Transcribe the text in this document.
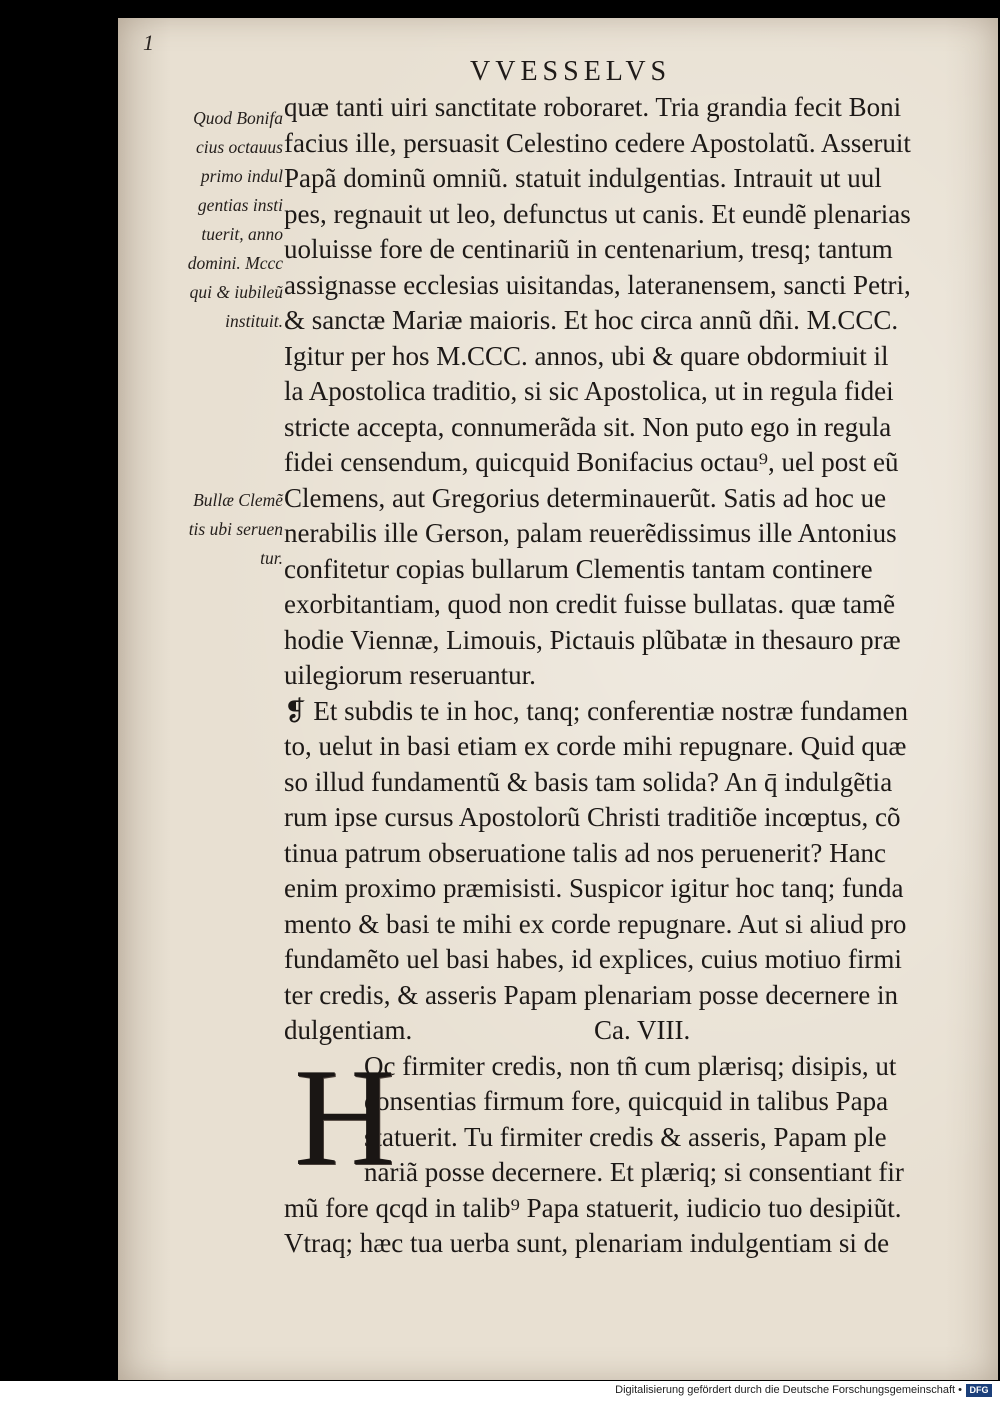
1
VVESSELVS
Quod Bonifa
cius octauus
primo indul
gentias insti
tuerit, anno
domini. Mccc
qui & iubileũ
instituit.
Bullæ Clemẽ
tis ubi seruen
tur.
quæ tanti uiri sanctitate roboraret. Tria grandia fecit Boni
facius ille, persuasit Celestino cedere Apostolatũ. Asseruit
Papã dominũ omniũ. statuit indulgentias. Intrauit ut uul
pes, regnauit ut leo, defunctus ut canis. Et eundẽ plenarias
uoluisse fore de centinariũ in centenarium, tresq; tantum
assignasse ecclesias uisitandas, lateranensem, sancti Petri,
& sanctæ Mariæ maioris. Et hoc circa annũ dñi. M.CCC.
Igitur per hos M.CCC. annos, ubi & quare obdormiuit il
la Apostolica traditio, si sic Apostolica, ut in regula fidei
stricte accepta, connumerãda sit. Non puto ego in regula
fidei censendum, quicquid Bonifacius octau⁹, uel post eũ
Clemens, aut Gregorius determinauerũt. Satis ad hoc ue
nerabilis ille Gerson, palam reuerẽdissimus ille Antonius
confitetur copias bullarum Clementis tantam continere
exorbitantiam, quod non credit fuisse bullatas. quæ tamẽ
hodie Viennæ, Limouis, Pictauis plũbatæ in thesauro præ
uilegiorum reseruantur.
❡ Et subdis te in hoc, tanq; conferentiæ nostræ fundamen
to, uelut in basi etiam ex corde mihi repugnare. Quid quæ
so illud fundamentũ & basis tam solida? An q̄ indulgẽtia
rum ipse cursus Apostolorũ Christi traditiõe incœptus, cõ
tinua patrum obseruatione talis ad nos peruenerit? Hanc
enim proximo præmisisti. Suspicor igitur hoc tanq; funda
mento & basi te mihi ex corde repugnare. Aut si aliud pro
fundamẽto uel basi habes, id explices, cuius motiuo firmi
ter credis, & asseris Papam plenariam posse decernere in
dulgentiam.	Ca. VIII.
H
Oc firmiter credis, non tñ cum plærisq; disipis, ut
consentias firmum fore, quicquid in talibus Papa
statuerit. Tu firmiter credis & asseris, Papam ple
nariã posse decernere. Et plæriq; si consentiant fir
mũ fore qcqd in talib⁹ Papa statuerit, iudicio tuo desipiũt.
Vtraq; hæc tua uerba sunt, plenariam indulgentiam si de
Digitalisierung gefördert durch die Deutsche Forschungsgemeinschaft • DFG
